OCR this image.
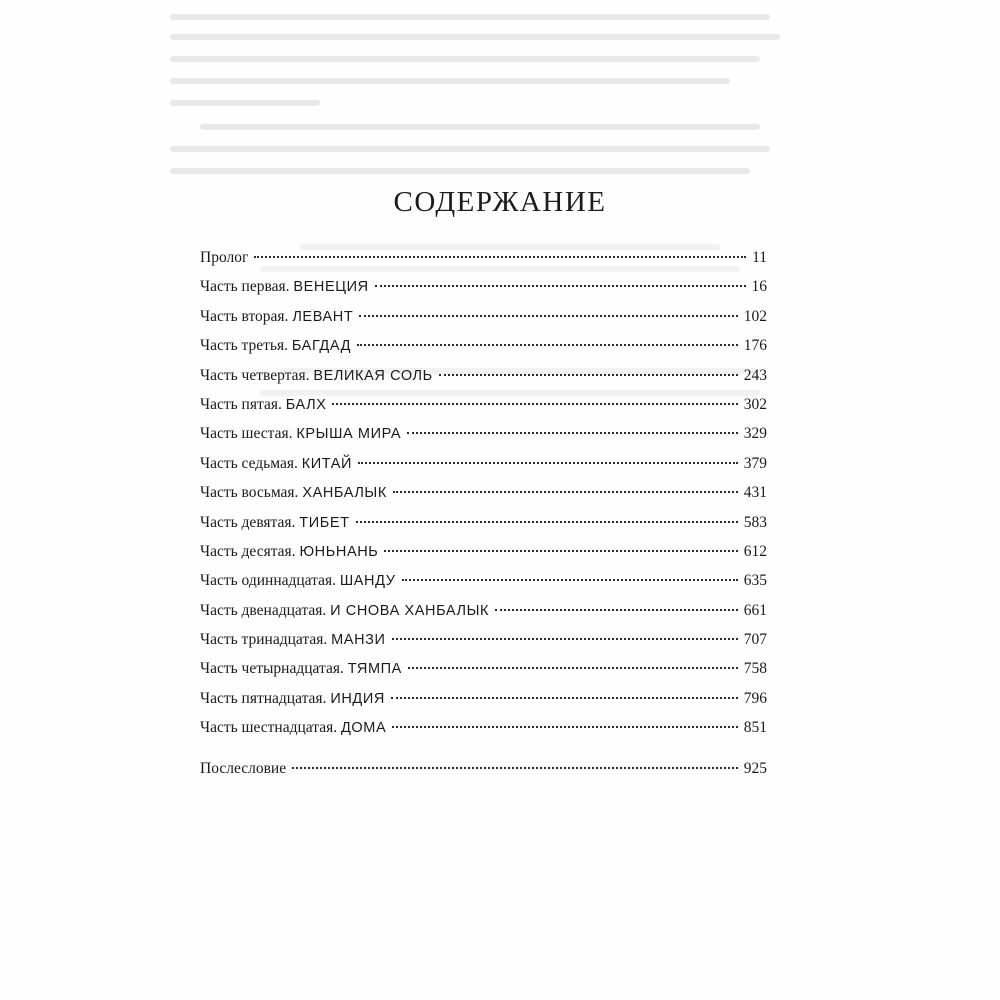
СОДЕРЖАНИЕ
Пролог	11
Часть первая. ВЕНЕЦИЯ	16
Часть вторая. ЛЕВАНТ	102
Часть третья. БАГДАД	176
Часть четвертая. ВЕЛИКАЯ СОЛЬ	243
Часть пятая. БАЛХ	302
Часть шестая. КРЫША МИРА	329
Часть седьмая. КИТАЙ	379
Часть восьмая. ХАНБАЛЫК	431
Часть девятая. ТИБЕТ	583
Часть десятая. ЮНЬНАНЬ	612
Часть одиннадцатая. ШАНДУ	635
Часть двенадцатая. И СНОВА ХАНБАЛЫК	661
Часть тринадцатая. МАНЗИ	707
Часть четырнадцатая. ТЯМПА	758
Часть пятнадцатая. ИНДИЯ	796
Часть шестнадцатая. ДОМА	851
Послесловие	925
